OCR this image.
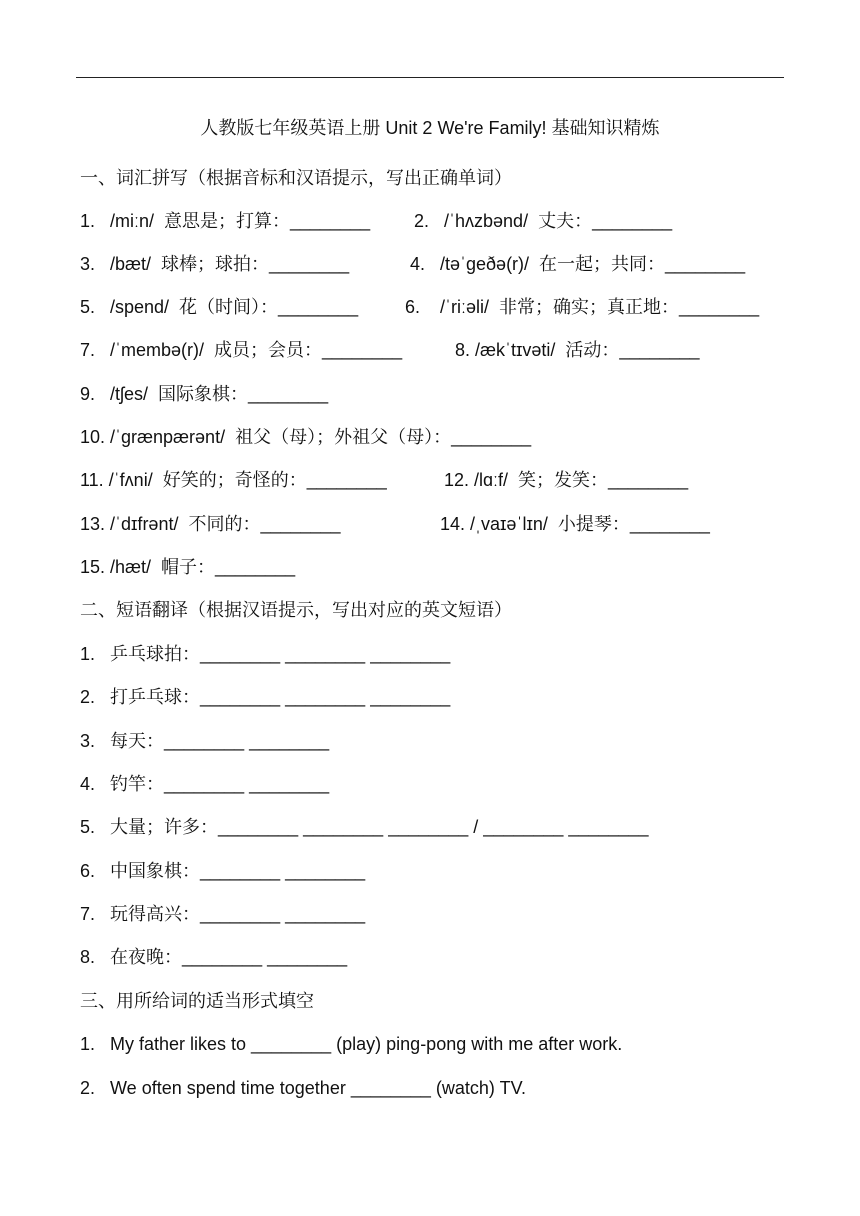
人教版七年级英语上册 Unit 2 We're Family! 基础知识精炼
一、词汇拼写（根据音标和汉语提示，写出正确单词）
1.   /miːn/  意思是；打算：________ 2.   /ˈhʌzbənd/  丈夫：________
3.   /bæt/  球棒；球拍：________	4.   /təˈɡeðə(r)/  在一起；共同：________
5.   /spend/  花（时间）：________	6.    /ˈriːəli/  非常；确实；真正地：________
7.   /ˈmembə(r)/  成员；会员：________	8. /ækˈtɪvəti/  活动：________
9.   /tʃes/  国际象棋：________
10. /ˈɡrænpærənt/  祖父（母）；外祖父（母）：________
11. /ˈfʌni/  好笑的；奇怪的：________	12. /lɑːf/  笑；发笑：________
13. /ˈdɪfrənt/  不同的：________	14. /ˌvaɪəˈlɪn/  小提琴：________
15. /hæt/  帽子：________
二、短语翻译（根据汉语提示，写出对应的英文短语）
1.   乒乓球拍：________ ________ ________
2.   打乒乓球：________ ________ ________
3.   每天：________ ________
4.   钓竿：________ ________
5.   大量；许多：________ ________ ________ / ________ ________
6.   中国象棋：________ ________
7.   玩得高兴：________ ________
8.   在夜晚：________ ________
三、用所给词的适当形式填空
1.   My father likes to ________ (play) ping-pong with me after work.
2.   We often spend time together ________ (watch) TV.
